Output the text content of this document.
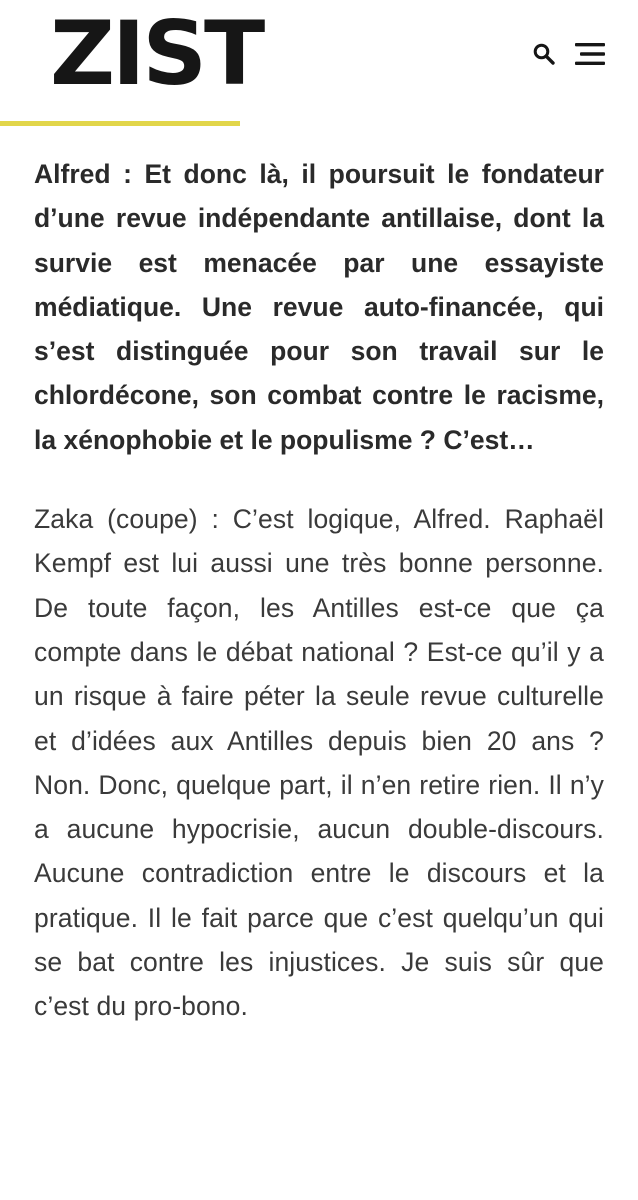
ZIST

Alfred : Et donc là, il poursuit le fondateur d’une revue indépendante antillaise, dont la survie est menacée par une essayiste médiatique. Une revue auto-financée, qui s’est distinguée pour son travail sur le chlordécone, son combat contre le racisme, la xénophobie et le populisme ? C’est…

Zaka (coupe) : C’est logique, Alfred. Raphaël Kempf est lui aussi une très bonne personne. De toute façon, les Antilles est-ce que ça compte dans le débat national ? Est-ce qu’il y a un risque à faire péter la seule revue culturelle et d’idées aux Antilles depuis bien 20 ans ? Non. Donc, quelque part, il n’en retire rien. Il n’y a aucune hypocrisie, aucun double-discours. Aucune contradiction entre le discours et la pratique. Il le fait parce que c’est quelqu’un qui se bat contre les injustices. Je suis sûr que c’est du pro-bono.
